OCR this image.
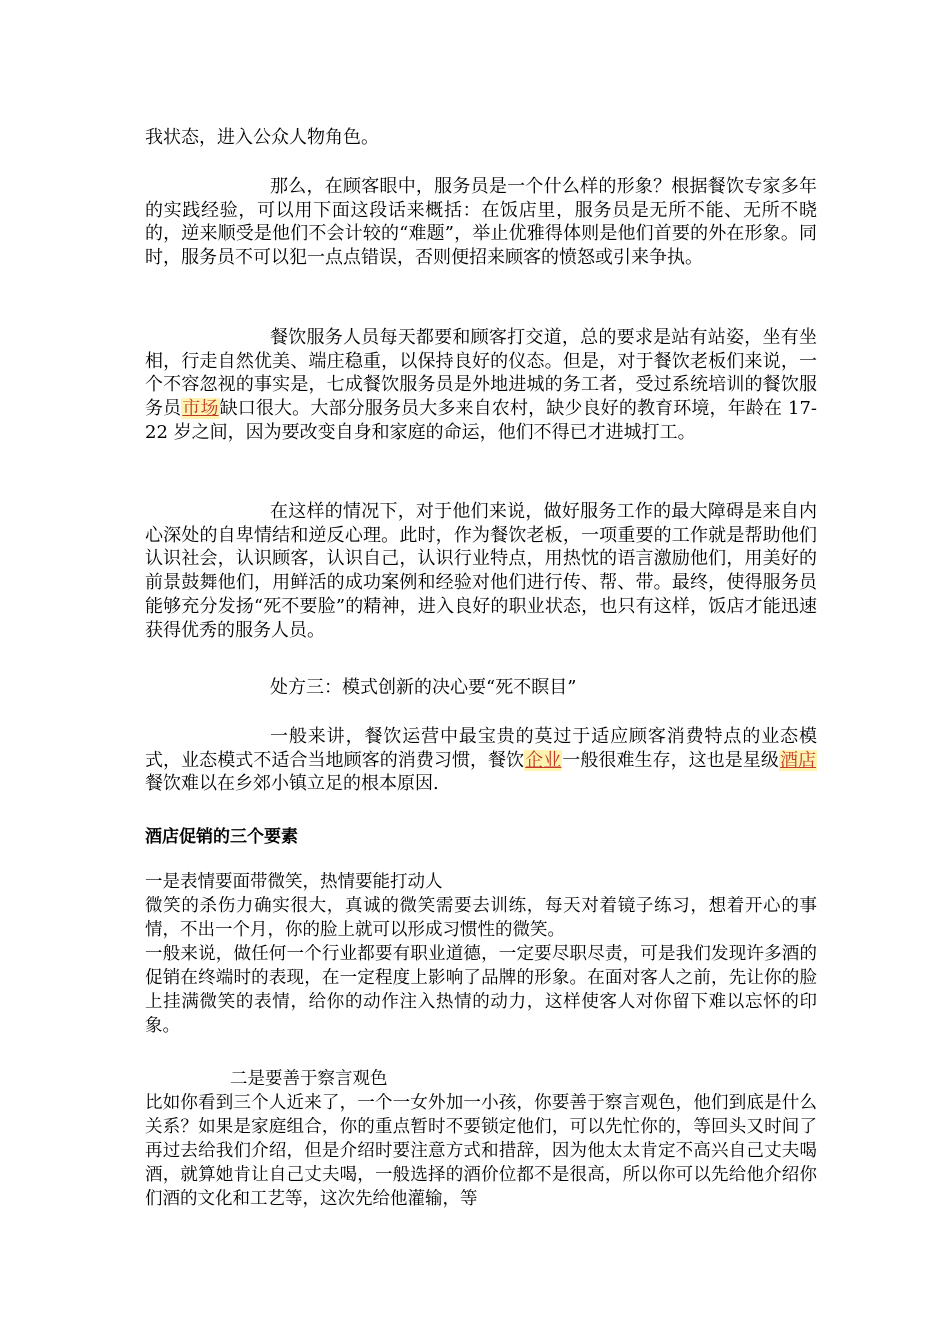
我状态，进入公众人物角色。

那么，在顾客眼中，服务员是一个什么样的形象？根据餐饮专家多年的实践经验，可以用下面这段话来概括：在饭店里，服务员是无所不能、无所不晓的，逆来顺受是他们不会计较的“难题”，举止优雅得体则是他们首要的外在形象。同时，服务员不可以犯一点点错误，否则便招来顾客的愤怒或引来争执。

餐饮服务人员每天都要和顾客打交道，总的要求是站有站姿，坐有坐相，行走自然优美、端庄稳重，以保持良好的仪态。但是，对于餐饮老板们来说，一个不容忽视的事实是，七成餐饮服务员是外地进城的务工者，受过系统培训的餐饮服务员市场缺口很大。大部分服务员大多来自农村，缺少良好的教育环境，年龄在 17-22 岁之间，因为要改变自身和家庭的命运，他们不得已才进城打工。

在这样的情况下，对于他们来说，做好服务工作的最大障碍是来自内心深处的自卑情结和逆反心理。此时，作为餐饮老板，一项重要的工作就是帮助他们认识社会，认识顾客，认识自己，认识行业特点，用热忱的语言激励他们，用美好的前景鼓舞他们，用鲜活的成功案例和经验对他们进行传、帮、带。最终，使得服务员能够充分发扬“死不要脸”的精神，进入良好的职业状态，也只有这样，饭店才能迅速获得优秀的服务人员。

处方三：模式创新的决心要“死不瞑目”

一般来讲，餐饮运营中最宝贵的莫过于适应顾客消费特点的业态模式，业态模式不适合当地顾客的消费习惯，餐饮企业一般很难生存，这也是星级酒店餐饮难以在乡郊小镇立足的根本原因.

酒店促销的三个要素

一是表情要面带微笑，热情要能打动人

微笑的杀伤力确实很大，真诚的微笑需要去训练，每天对着镜子练习，想着开心的事情，不出一个月，你的脸上就可以形成习惯性的微笑。

一般来说，做任何一个行业都要有职业道德，一定要尽职尽责，可是我们发现许多酒的促销在终端时的表现，在一定程度上影响了品牌的形象。在面对客人之前，先让你的脸上挂满微笑的表情，给你的动作注入热情的动力，这样使客人对你留下难以忘怀的印象。

二是要善于察言观色

比如你看到三个人近来了，一个一女外加一小孩，你要善于察言观色，他们到底是什么关系？如果是家庭组合，你的重点暂时不要锁定他们，可以先忙你的，等回头又时间了再过去给我们介绍，但是介绍时要注意方式和措辞，因为他太太肯定不高兴自己丈夫喝酒，就算她肯让自己丈夫喝，一般选择的酒价位都不是很高，所以你可以先给他介绍你们酒的文化和工艺等，这次先给他灌输，等
